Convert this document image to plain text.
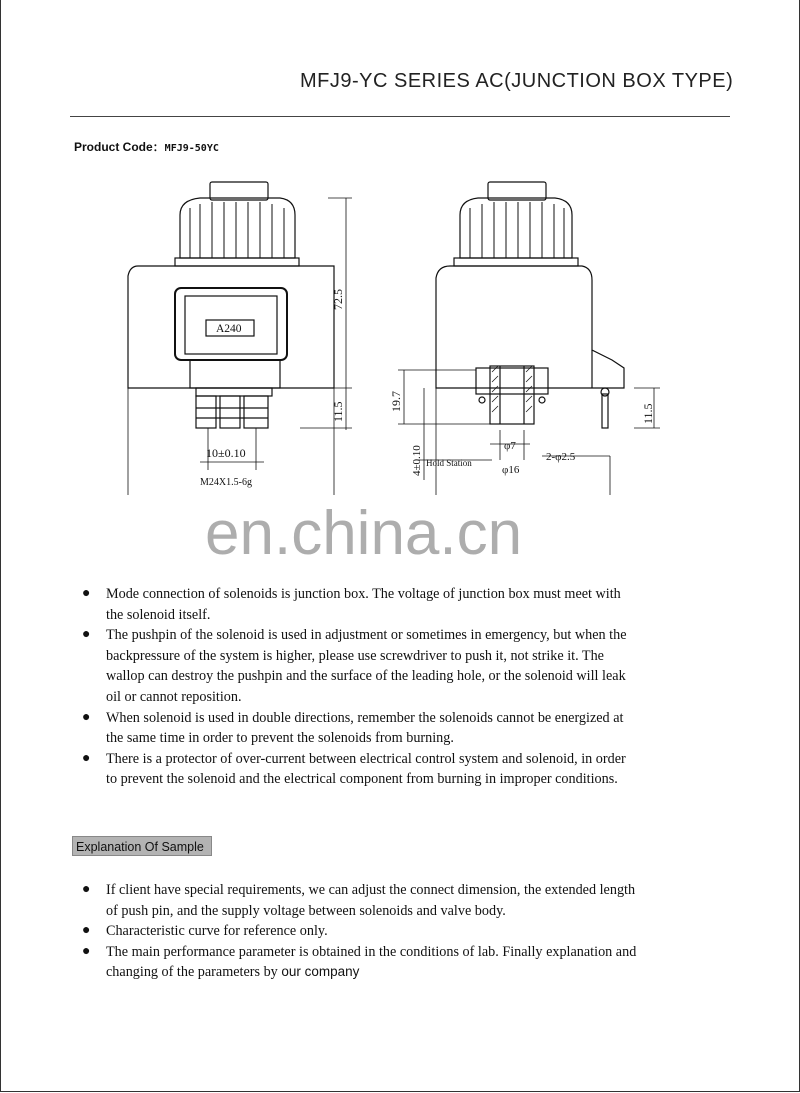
MFJ9-YC SERIES AC(JUNCTION BOX TYPE)
Product Code：MFJ9-50YC
A240
72.5
11.5
10±0.10
M24X1.5-6g
19.7
4±0.10 Hold Station
φ7
φ16
2-φ2.5
11.5
en.china.cn
● Mode connection of solenoids is junction box. The voltage of junction box must meet with the solenoid itself.
● The pushpin of the solenoid is used in adjustment or sometimes in emergency, but when the backpressure of the system is higher, please use screwdriver to push it, not strike it. The wallop can destroy the pushpin and the surface of the leading hole, or the solenoid will leak oil or cannot reposition.
● When solenoid is used in double directions, remember the solenoids cannot be energized at the same time in order to prevent the solenoids from burning.
● There is a protector of over-current between electrical control system and solenoid, in order to prevent the solenoid and the electrical component from burning in improper conditions.
Explanation Of Sample
● If client have special requirements, we can adjust the connect dimension, the extended length of push pin, and the supply voltage between solenoids and valve body.
● Characteristic curve for reference only.
● The main performance parameter is obtained in the conditions of lab. Finally explanation and changing of the parameters by our company
